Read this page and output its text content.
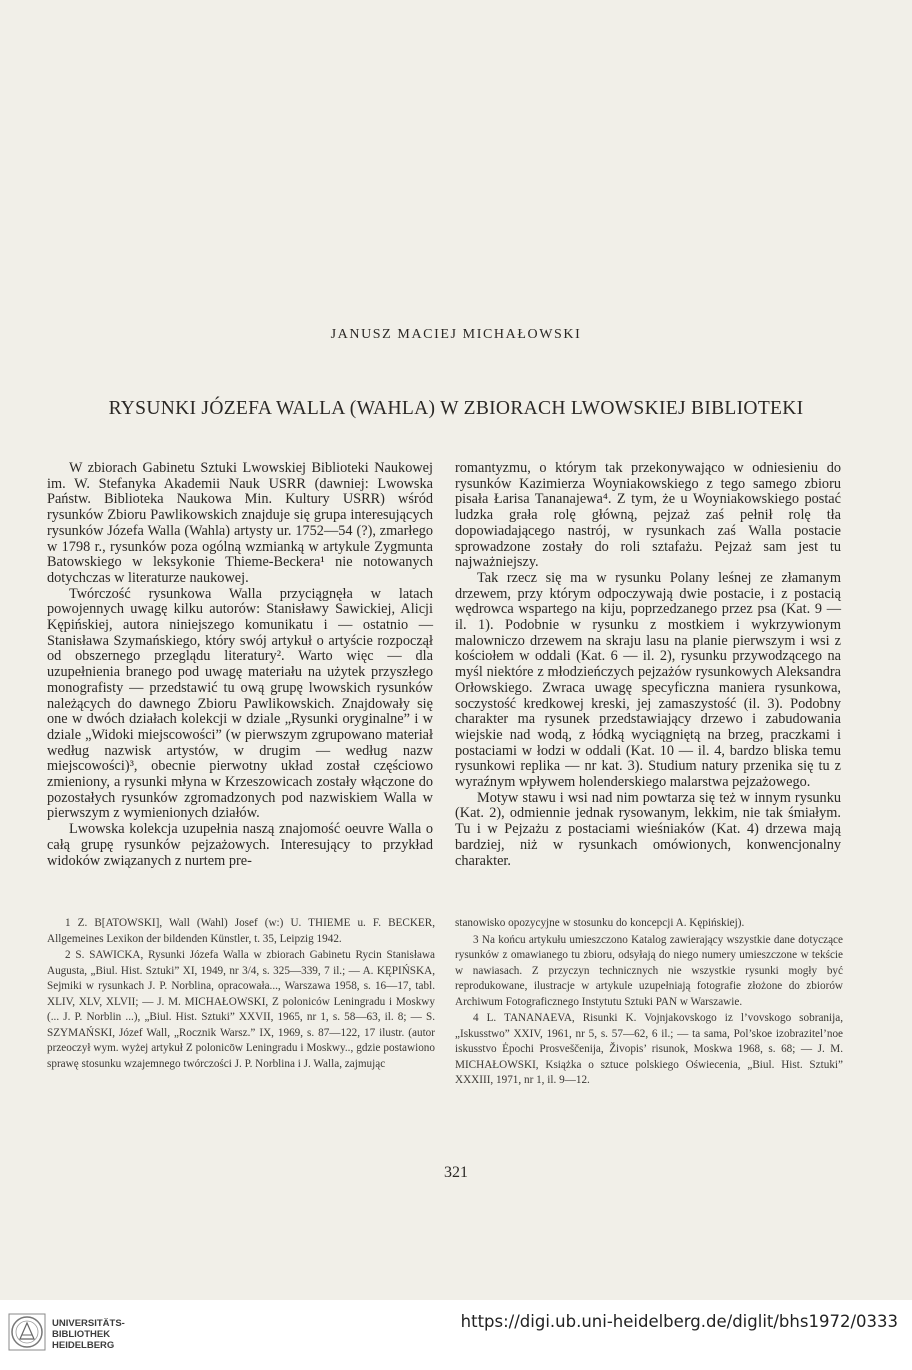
JANUSZ MACIEJ MICHAŁOWSKI
RYSUNKI JÓZEFA WALLA (WAHLA) W ZBIORACH LWOWSKIEJ BIBLIOTEKI

W zbiorach Gabinetu Sztuki Lwowskiej Biblioteki Naukowej im. W. Stefanyka Akademii Nauk USRR (dawniej: Lwowska Państw. Biblioteka Naukowa Min. Kultury USRR) wśród rysunków Zbioru Pawlikowskich znajduje się grupa interesujących rysunków Józefa Walla (Wahla) artysty ur. 1752—54 (?), zmarłego w 1798 r., rysunków poza ogólną wzmianką w artykule Zygmunta Batowskiego w leksykonie Thieme-Beckera¹ nie notowanych dotychczas w literaturze naukowej.

Twórczość rysunkowa Walla przyciągnęła w latach powojennych uwagę kilku autorów: Stanisławy Sawickiej, Alicji Kępińskiej, autora niniejszego komunikatu i — ostatnio — Stanisława Szymańskiego, który swój artykuł o artyście rozpoczął od obszernego przeglądu literatury². Warto więc — dla uzupełnienia branego pod uwagę materiału na użytek przyszłego monografisty — przedstawić tu ową grupę lwowskich rysunków należących do dawnego Zbioru Pawlikowskich. Znajdowały się one w dwóch działach kolekcji w dziale „Rysunki oryginalne” i w dziale „Widoki miejscowości” (w pierwszym zgrupowano materiał według nazwisk artystów, w drugim — według nazw miejscowości)³, obecnie pierwotny układ został częściowo zmieniony, a rysunki młyna w Krzeszowicach zostały włączone do pozostałych rysunków zgromadzonych pod nazwiskiem Walla w pierwszym z wymienionych działów.

Lwowska kolekcja uzupełnia naszą znajomość oeuvre Walla o całą grupę rysunków pejzażowych. Interesujący to przykład widoków związanych z nurtem pre-

romantyzmu, o którym tak przekonywająco w odniesieniu do rysunków Kazimierza Woyniakowskiego z tego samego zbioru pisała Łarisa Tananajewa⁴. Z tym, że u Woyniakowskiego postać ludzka grała rolę główną, pejzaż zaś pełnił rolę tła dopowiadającego nastrój, w rysunkach zaś Walla postacie sprowadzone zostały do roli sztafażu. Pejzaż sam jest tu najważniejszy.

Tak rzecz się ma w rysunku Polany leśnej ze złamanym drzewem, przy którym odpoczywają dwie postacie, i z postacią wędrowca wspartego na kiju, poprzedzanego przez psa (Kat. 9 — il. 1). Podobnie w rysunku z mostkiem i wykrzywionym malowniczo drzewem na skraju lasu na planie pierwszym i wsi z kościołem w oddali (Kat. 6 — il. 2), rysunku przywodzącego na myśl niektóre z młodzieńczych pejzażów rysunkowych Aleksandra Orłowskiego. Zwraca uwagę specyficzna maniera rysunkowa, soczystość kredkowej kreski, jej zamaszystość (il. 3). Podobny charakter ma rysunek przedstawiający drzewo i zabudowania wiejskie nad wodą, z łódką wyciągniętą na brzeg, praczkami i postaciami w łodzi w oddali (Kat. 10 — il. 4, bardzo bliska temu rysunkowi replika — nr kat. 3). Studium natury przenika się tu z wyraźnym wpływem holenderskiego malarstwa pejzażowego.

Motyw stawu i wsi nad nim powtarza się też w innym rysunku (Kat. 2), odmiennie jednak rysowanym, lekkim, nie tak śmiałym. Tu i w Pejzażu z postaciami wieśniaków (Kat. 4) drzewa mają bardziej, niż w rysunkach omówionych, konwencjonalny charakter.

1 Z. B[ATOWSKI], Wall (Wahl) Josef (w:) U. THIEME u. F. BECKER, Allgemeines Lexikon der bildenden Künstler, t. 35, Leipzig 1942.

2 S. SAWICKA, Rysunki Józefa Walla w zbiorach Gabinetu Rycin Stanisława Augusta, „Biul. Hist. Sztuki” XI, 1949, nr 3/4, s. 325—339, 7 il.; — A. KĘPIŃSKA, Sejmiki w rysunkach J. P. Norblina, opracowała..., Warszawa 1958, s. 16—17, tabl. XLIV, XLV, XLVII; — J. M. MICHAŁOWSKI, Z poloniców Leningradu i Moskwy (... J. P. Norblin ...), „Biul. Hist. Sztuki” XXVII, 1965, nr 1, s. 58—63, il. 8; — S. SZYMAŃSKI, Józef Wall, „Rocznik Warsz.” IX, 1969, s. 87—122, 17 ilustr. (autor przeoczył wym. wyżej artykuł Z polonicōw Leningradu i Moskwy.., gdzie postawiono sprawę stosunku wzajemnego twórczości J. P. Norblina i J. Walla, zajmując

stanowisko opozycyjne w stosunku do koncepcji A. Kępińskiej).

3 Na końcu artykułu umieszczono Katalog zawierający wszystkie dane dotyczące rysunków z omawianego tu zbioru, odsyłają do niego numery umieszczone w tekście w nawiasach. Z przyczyn technicznych nie wszystkie rysunki mogły być reprodukowane, ilustracje w artykule uzupełniają fotografie złożone do zbiorów Archiwum Fotograficznego Instytutu Sztuki PAN w Warszawie.

4 L. TANANAEVA, Risunki K. Vojnjakovskogo iz l’vovskogo sobranija, „Iskusstwo” XXIV, 1961, nr 5, s. 57—62, 6 il.; — ta sama, Pol’skoe izobrazitel’noe iskusstvo Ėpochi Prosveščenija, Živopis’ risunok, Moskwa 1968, s. 68; — J. M. MICHAŁOWSKI, Książka o sztuce polskiego Oświecenia, „Biul. Hist. Sztuki” XXXIII, 1971, nr 1, il. 9—12.

321
UNIVERSITÄTS-
BIBLIOTHEK
HEIDELBERG
https://digi.ub.uni-heidelberg.de/diglit/bhs1972/0333
